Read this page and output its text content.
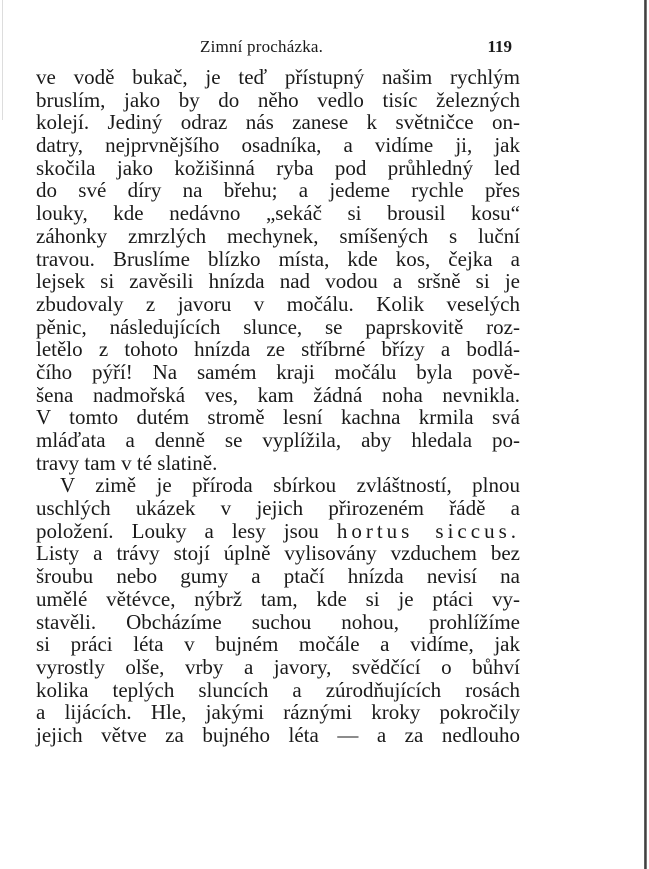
Zimní procházka.	119
ve vodě bukač, je teď přístupný našim rychlým
bruslím, jako by do něho vedlo tisíc železných
kolejí. Jediný odraz nás zanese k světničce on-
datry, nejprvnějšího osadníka, a vidíme ji, jak
skočila jako kožišinná ryba pod průhledný led
do své díry na břehu; a jedeme rychle přes
louky, kde nedávno „sekáč si brousil kosu“
záhonky zmrzlých mechynek, smíšených s luční
travou. Bruslíme blízko místa, kde kos, čejka a
lejsek si zavěsili hnízda nad vodou a sršně si je
zbudovaly z javoru v močálu. Kolik veselých
pěnic, následujících slunce, se paprskovitě roz-
letělo z tohoto hnízda ze stříbrné břízy a bodlá-
čího pýří! Na samém kraji močálu byla pově-
šena nadmořská ves, kam žádná noha nevnikla.
V tomto dutém stromě lesní kachna krmila svá
mláďata a denně se vyplížila, aby hledala po-
travy tam v té slatině.
V zimě je příroda sbírkou zvláštností, plnou
uschlých ukázek v jejich přirozeném řádě a
položení. Louky a lesy jsou hortus siccus.
Listy a trávy stojí úplně vylisovány vzduchem bez
šroubu nebo gumy a ptačí hnízda nevisí na
umělé větévce, nýbrž tam, kde si je ptáci vy-
stavěli. Obcházíme suchou nohou, prohlížíme
si práci léta v bujném močále a vidíme, jak
vyrostly olše, vrby a javory, svědčící o bůhví
kolika teplých sluncích a zúrodňujících rosách
a lijácích. Hle, jakými ráznými kroky pokročily
jejich větve za bujného léta — a za nedlouho
